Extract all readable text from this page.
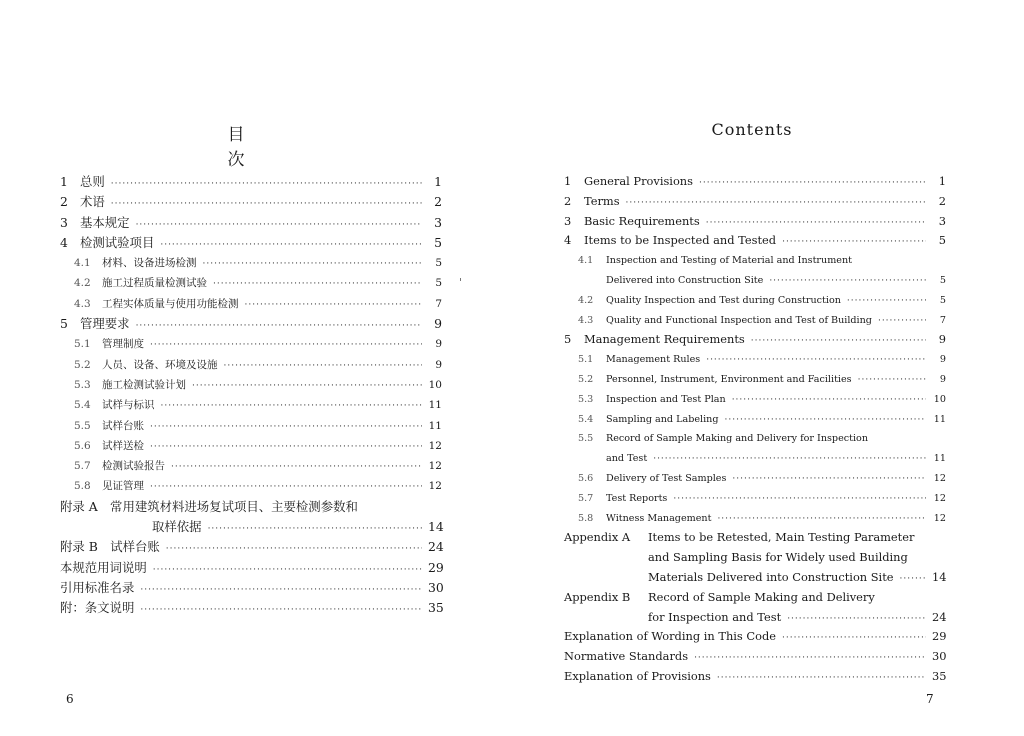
目　次
1 总则 ·····	1
2 术语 ·····	2
3 基本规定 ·····	3
4 检测试验项目 ·····	5
4.1	材料、设备进场检测 ·····	5
4.2	施工过程质量检测试验 ·····	5
4.3	工程实体质量与使用功能检测 ·····	7
5 管理要求 ·····	9
5.1	管理制度 ·····	9
5.2	人员、设备、环境及设施 ·····	9
5.3	施工检测试验计划 ·····	10
5.4	试样与标识 ·····	11
5.5	试样台账 ·····	11
5.6	试样送检 ·····	12
5.7	检测试验报告 ·····	12
5.8	见证管理 ·····	12
附录 A　常用建筑材料进场复试项目、主要检测参数和
取样依据 ·····	14
附录 B　试样台账 ·····	24
本规范用词说明 ·····	29
引用标准名录 ·····	30
附：条文说明 ·····	35
6
Contents
1	General Provisions ·····	1
2	Terms ·····	2
3	Basic Requirements ·····	3
4	Items to be Inspected and Tested ·····	5
4.1	Inspection and Testing of Material and Instrument
Delivered into Construction Site ·····	5
4.2	Quality Inspection and Test during Construction ·····	5
4.3	Quality and Functional Inspection and Test of Building ·····	7
5	Management Requirements ·····	9
5.1	Management Rules ·····	9
5.2	Personnel, Instrument, Environment and Facilities ·····	9
5.3	Inspection and Test Plan ·····	10
5.4	Sampling and Labeling ·····	11
5.5	Record of Sample Making and Delivery for Inspection
and Test ·····	11
5.6	Delivery of Test Samples ·····	12
5.7	Test Reports ·····	12
5.8	Witness Management ·····	12
Appendix A	Items to be Retested, Main Testing Parameter
and Sampling Basis for Widely used Building
Materials Delivered into Construction Site ·····	14
Appendix B	Record of Sample Making and Delivery
for Inspection and Test ·····	24
Explanation of Wording in This Code ·····	29
Normative Standards ·····	30
Explanation of Provisions ·····	35
7
